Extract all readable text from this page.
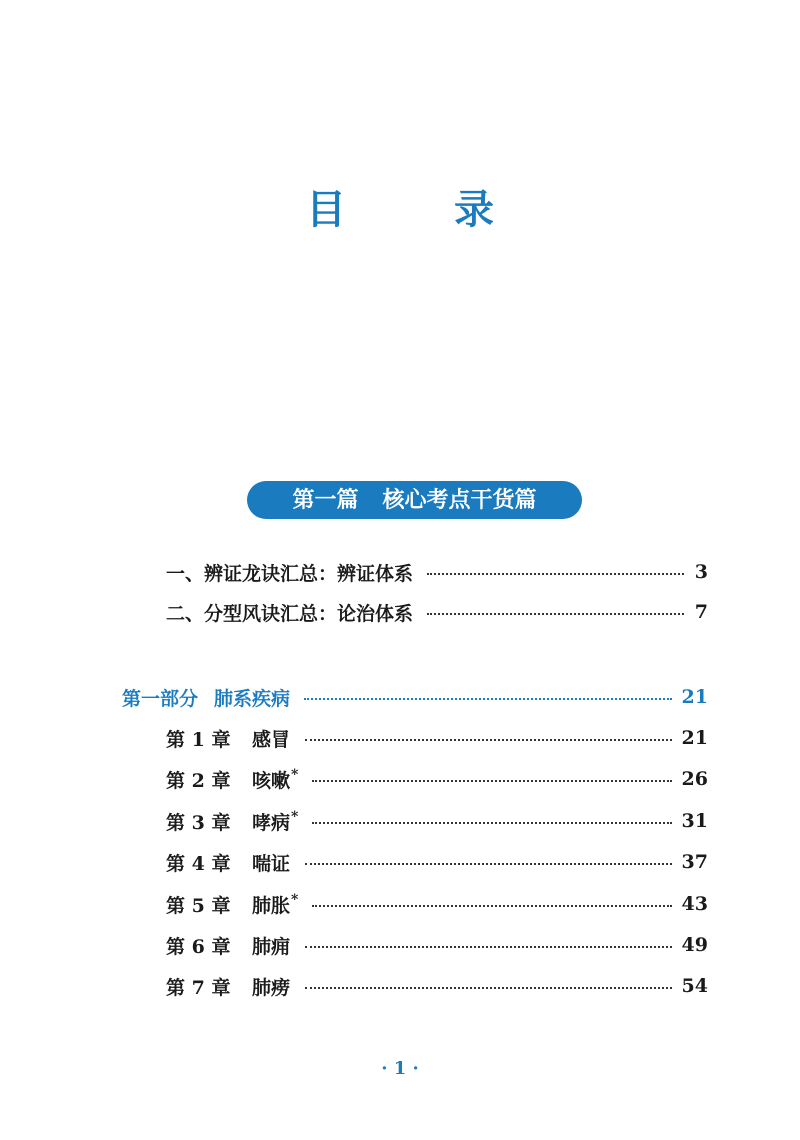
目　录
第一篇 核心考点干货篇
一、辨证龙诀汇总：辨证体系	3
二、分型风诀汇总：论治体系	7
第一部分 肺系疾病	21
第 1 章 感冒	21
第 2 章 咳嗽*	26
第 3 章 哮病*	31
第 4 章 喘证	37
第 5 章 肺胀*	43
第 6 章 肺痈	49
第 7 章 肺痨	54
· 1 ·
